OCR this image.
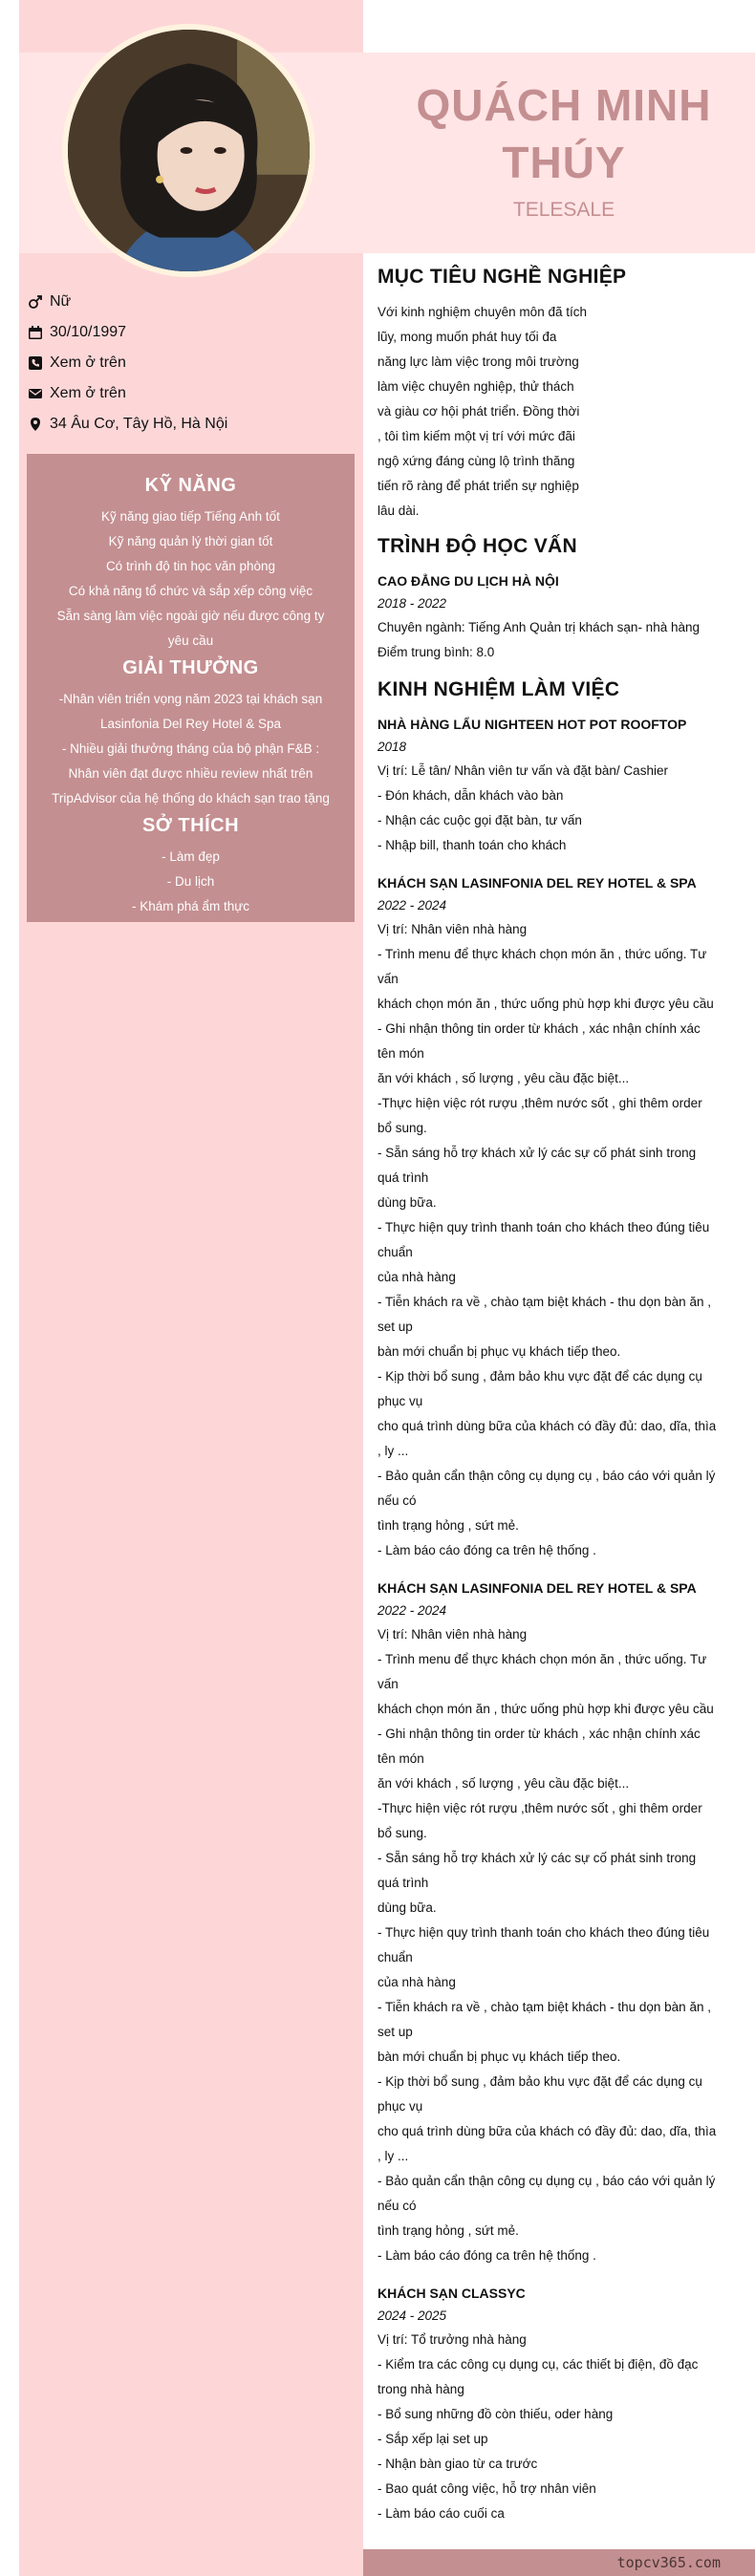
QUÁCH MINH
THÚY
TELESALE
Nữ
30/10/1997
Xem ở trên
Xem ở trên
34 Âu Cơ, Tây Hồ, Hà Nội
KỸ NĂNG
Kỹ năng giao tiếp Tiếng Anh tốt
Kỹ năng quản lý thời gian tốt
Có trình độ tin học văn phòng
Có khả năng tổ chức và sắp xếp công việc
Sẵn sàng làm việc ngoài giờ nếu được công ty
yêu cầu
GIẢI THƯỞNG
-Nhân viên triển vọng năm 2023 tại khách sạn
Lasinfonia Del Rey Hotel & Spa
- Nhiều giải thưởng tháng của bộ phận F&B :
Nhân viên đạt được nhiều review nhất trên
TripAdvisor của hệ thống do khách sạn trao tặng
SỞ THÍCH
- Làm đẹp
- Du lịch
- Khám phá ẩm thực
MỤC TIÊU NGHỀ NGHIỆP
Với kinh nghiệm chuyên môn đã tích
lũy, mong muốn phát huy tối đa
năng lực làm việc trong môi trường
làm việc chuyên nghiệp, thử thách
và giàu cơ hội phát triển. Đồng thời
, tôi tìm kiếm một vị trí với mức đãi
ngộ xứng đáng cùng lộ trình thăng
tiến rõ ràng để phát triển sự nghiệp
lâu dài.
TRÌNH ĐỘ HỌC VẤN
CAO ĐẲNG DU LỊCH HÀ NỘI
2018 - 2022
Chuyên ngành: Tiếng Anh Quản trị khách sạn- nhà hàng
Điểm trung bình: 8.0
KINH NGHIỆM LÀM VIỆC
NHÀ HÀNG LẨU NIGHTEEN HOT POT ROOFTOP
2018
Vị trí: Lễ tân/ Nhân viên tư vấn và đặt bàn/ Cashier
- Đón khách, dẫn khách vào bàn
- Nhận các cuộc gọi đặt bàn, tư vấn
- Nhập bill, thanh toán cho khách
KHÁCH SẠN LASINFONIA DEL REY HOTEL & SPA
2022 - 2024
Vị trí: Nhân viên nhà hàng
- Trình menu để thực khách chọn món ăn , thức uống. Tư
vấn
khách chọn món ăn , thức uống phù hợp khi được yêu cầu
- Ghi nhận thông tin order từ khách , xác nhận chính xác
tên món
ăn với khách , số lượng , yêu cầu đặc biệt...
-Thực hiện việc rót rượu ,thêm nước sốt , ghi thêm order
bổ sung.
- Sẵn sáng hỗ trợ khách xử lý các sự cố phát sinh trong
quá trình
dùng bữa.
- Thực hiện quy trình thanh toán cho khách theo đúng tiêu
chuẩn
của nhà hàng
- Tiễn khách ra về , chào tạm biệt khách - thu dọn bàn ăn ,
set up
bàn mới chuẩn bị phục vụ khách tiếp theo.
- Kịp thời bổ sung , đảm bảo khu vực đặt để các dụng cụ
phục vụ
cho quá trình dùng bữa của khách có đầy đủ: dao, dĩa, thìa
, ly ...
- Bảo quản cẩn thận công cụ dụng cụ , báo cáo với quản lý
nếu có
tình trạng hỏng , sứt mẻ.
- Làm báo cáo đóng ca trên hệ thống .
KHÁCH SẠN LASINFONIA DEL REY HOTEL & SPA
2022 - 2024
Vị trí: Nhân viên nhà hàng
- Trình menu để thực khách chọn món ăn , thức uống. Tư
vấn
khách chọn món ăn , thức uống phù hợp khi được yêu cầu
- Ghi nhận thông tin order từ khách , xác nhận chính xác
tên món
ăn với khách , số lượng , yêu cầu đặc biệt...
-Thực hiện việc rót rượu ,thêm nước sốt , ghi thêm order
bổ sung.
- Sẵn sáng hỗ trợ khách xử lý các sự cố phát sinh trong
quá trình
dùng bữa.
- Thực hiện quy trình thanh toán cho khách theo đúng tiêu
chuẩn
của nhà hàng
- Tiễn khách ra về , chào tạm biệt khách - thu dọn bàn ăn ,
set up
bàn mới chuẩn bị phục vụ khách tiếp theo.
- Kịp thời bổ sung , đảm bảo khu vực đặt để các dụng cụ
phục vụ
cho quá trình dùng bữa của khách có đầy đủ: dao, dĩa, thìa
, ly ...
- Bảo quản cẩn thận công cụ dụng cụ , báo cáo với quản lý
nếu có
tình trạng hỏng , sứt mẻ.
- Làm báo cáo đóng ca trên hệ thống .
KHÁCH SẠN CLASSYC
2024 - 2025
Vị trí: Tổ trưởng nhà hàng
- Kiểm tra các công cụ dụng cụ, các thiết bị điện, đồ đạc
trong nhà hàng
- Bổ sung những đồ còn thiếu, oder hàng
- Sắp xếp lại set up
- Nhận bàn giao từ ca trước
- Bao quát công việc, hỗ trợ nhân viên
- Làm báo cáo cuối ca
topcv365.com
